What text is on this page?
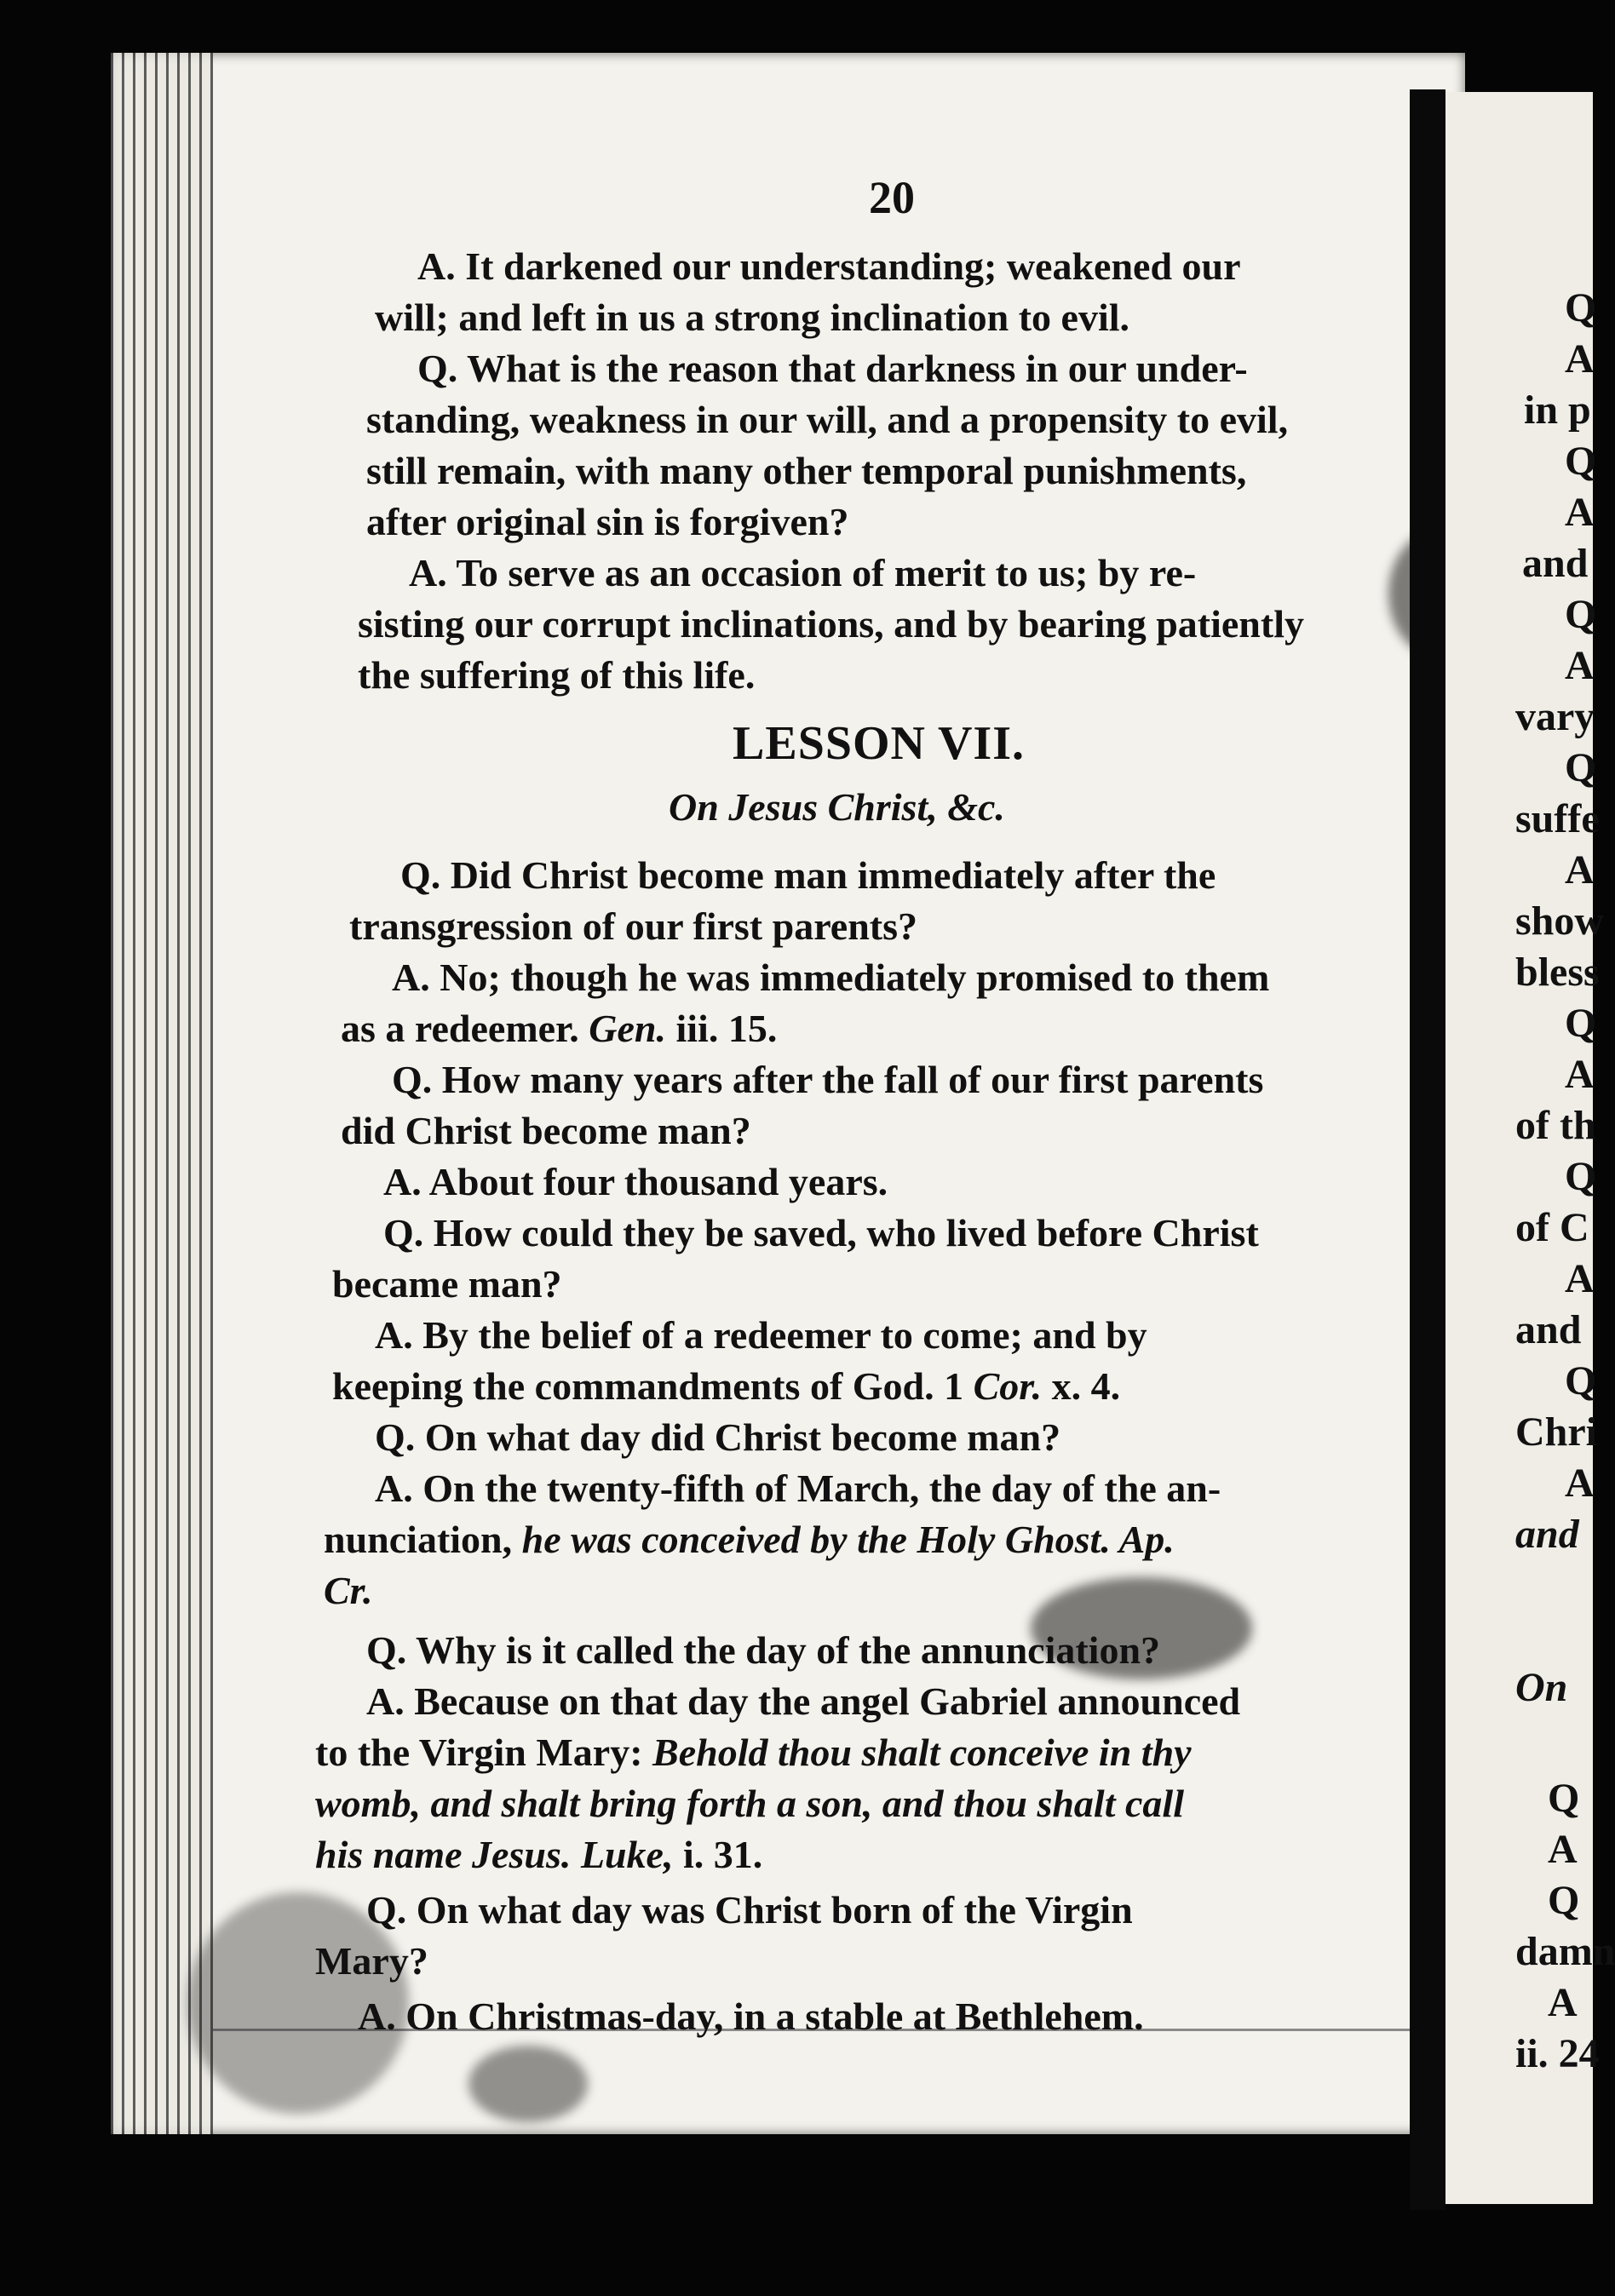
Q
A
in p
Q
A
and
Q
A
vary
Q
suffe
A
show
bless
Q
A
of th
Q
of C
A
and
Q
Chri
A
and
On
Q
A
Q
damn
A
ii. 24

20

A. It darkened our understanding; weakened our

will; and left in us a strong inclination to evil.

Q. What is the reason that darkness in our under-

standing, weakness in our will, and a propensity to evil,

still remain, with many other temporal punishments,

after original sin is forgiven?

A. To serve as an occasion of merit to us; by re-

sisting our corrupt inclinations, and by bearing patiently

the suffering of this life.

LESSON VII.

On Jesus Christ, &c.

Q. Did Christ become man immediately after the

transgression of our first parents?

A. No; though he was immediately promised to them

as a redeemer. Gen. iii. 15.

Q. How many years after the fall of our first parents

did Christ become man?

A. About four thousand years.

Q. How could they be saved, who lived before Christ

became man?

A. By the belief of a redeemer to come; and by

keeping the commandments of God. 1 Cor. x. 4.

Q. On what day did Christ become man?

A. On the twenty-fifth of March, the day of the an-

nunciation, he was conceived by the Holy Ghost. Ap.

Cr.

Q. Why is it called the day of the annunciation?

A. Because on that day the angel Gabriel announced

to the Virgin Mary: Behold thou shalt conceive in thy

womb, and shalt bring forth a son, and thou shalt call

his name Jesus. Luke, i. 31.

Q. On what day was Christ born of the Virgin

Mary?

A. On Christmas-day, in a stable at Bethlehem.
